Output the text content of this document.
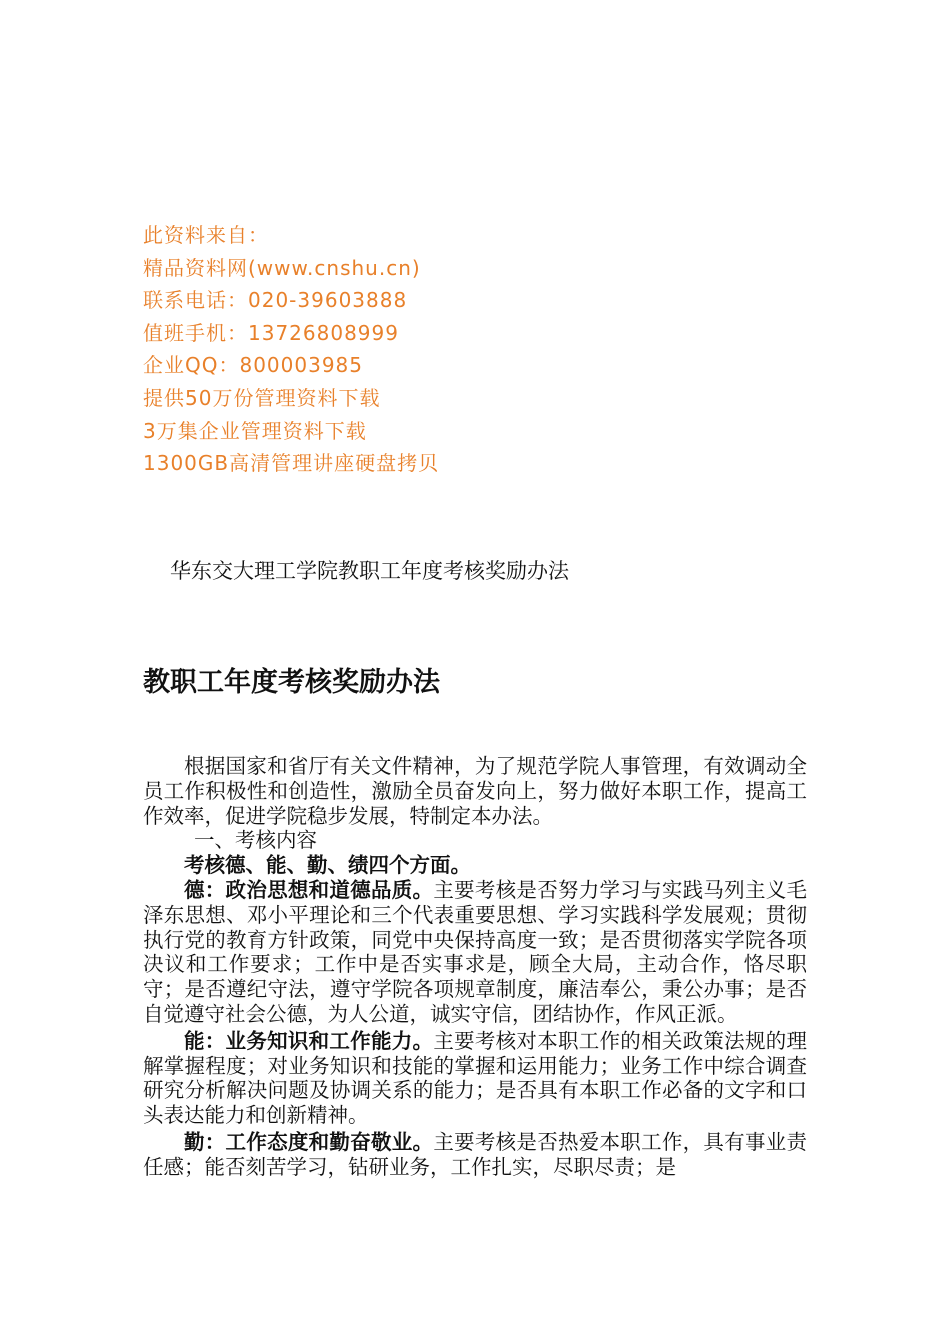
此资料来自：
精品资料网(www.cnshu.cn)
联系电话：020-39603888
值班手机：13726808999
企业QQ：800003985
提供50万份管理资料下载
3万集企业管理资料下载
1300GB高清管理讲座硬盘拷贝
华东交大理工学院教职工年度考核奖励办法
教职工年度考核奖励办法

根据国家和省厅有关文件精神，为了规范学院人事管理，有效调动全员工作积极性和创造性，激励全员奋发向上，努力做好本职工作，提高工作效率，促进学院稳步发展，特制定本办法。

一、考核内容

考核德、能、勤、绩四个方面。

德：政治思想和道德品质。主要考核是否努力学习与实践马列主义毛泽东思想、邓小平理论和三个代表重要思想、学习实践科学发展观；贯彻执行党的教育方针政策，同党中央保持高度一致；是否贯彻落实学院各项决议和工作要求；工作中是否实事求是，顾全大局，主动合作，恪尽职守；是否遵纪守法，遵守学院各项规章制度，廉洁奉公，秉公办事；是否自觉遵守社会公德，为人公道，诚实守信，团结协作，作风正派。

能：业务知识和工作能力。主要考核对本职工作的相关政策法规的理解掌握程度；对业务知识和技能的掌握和运用能力；业务工作中综合调查研究分析解决问题及协调关系的能力；是否具有本职工作必备的文字和口头表达能力和创新精神。

勤：工作态度和勤奋敬业。主要考核是否热爱本职工作，具有事业责任感；能否刻苦学习，钻研业务，工作扎实，尽职尽责；是
